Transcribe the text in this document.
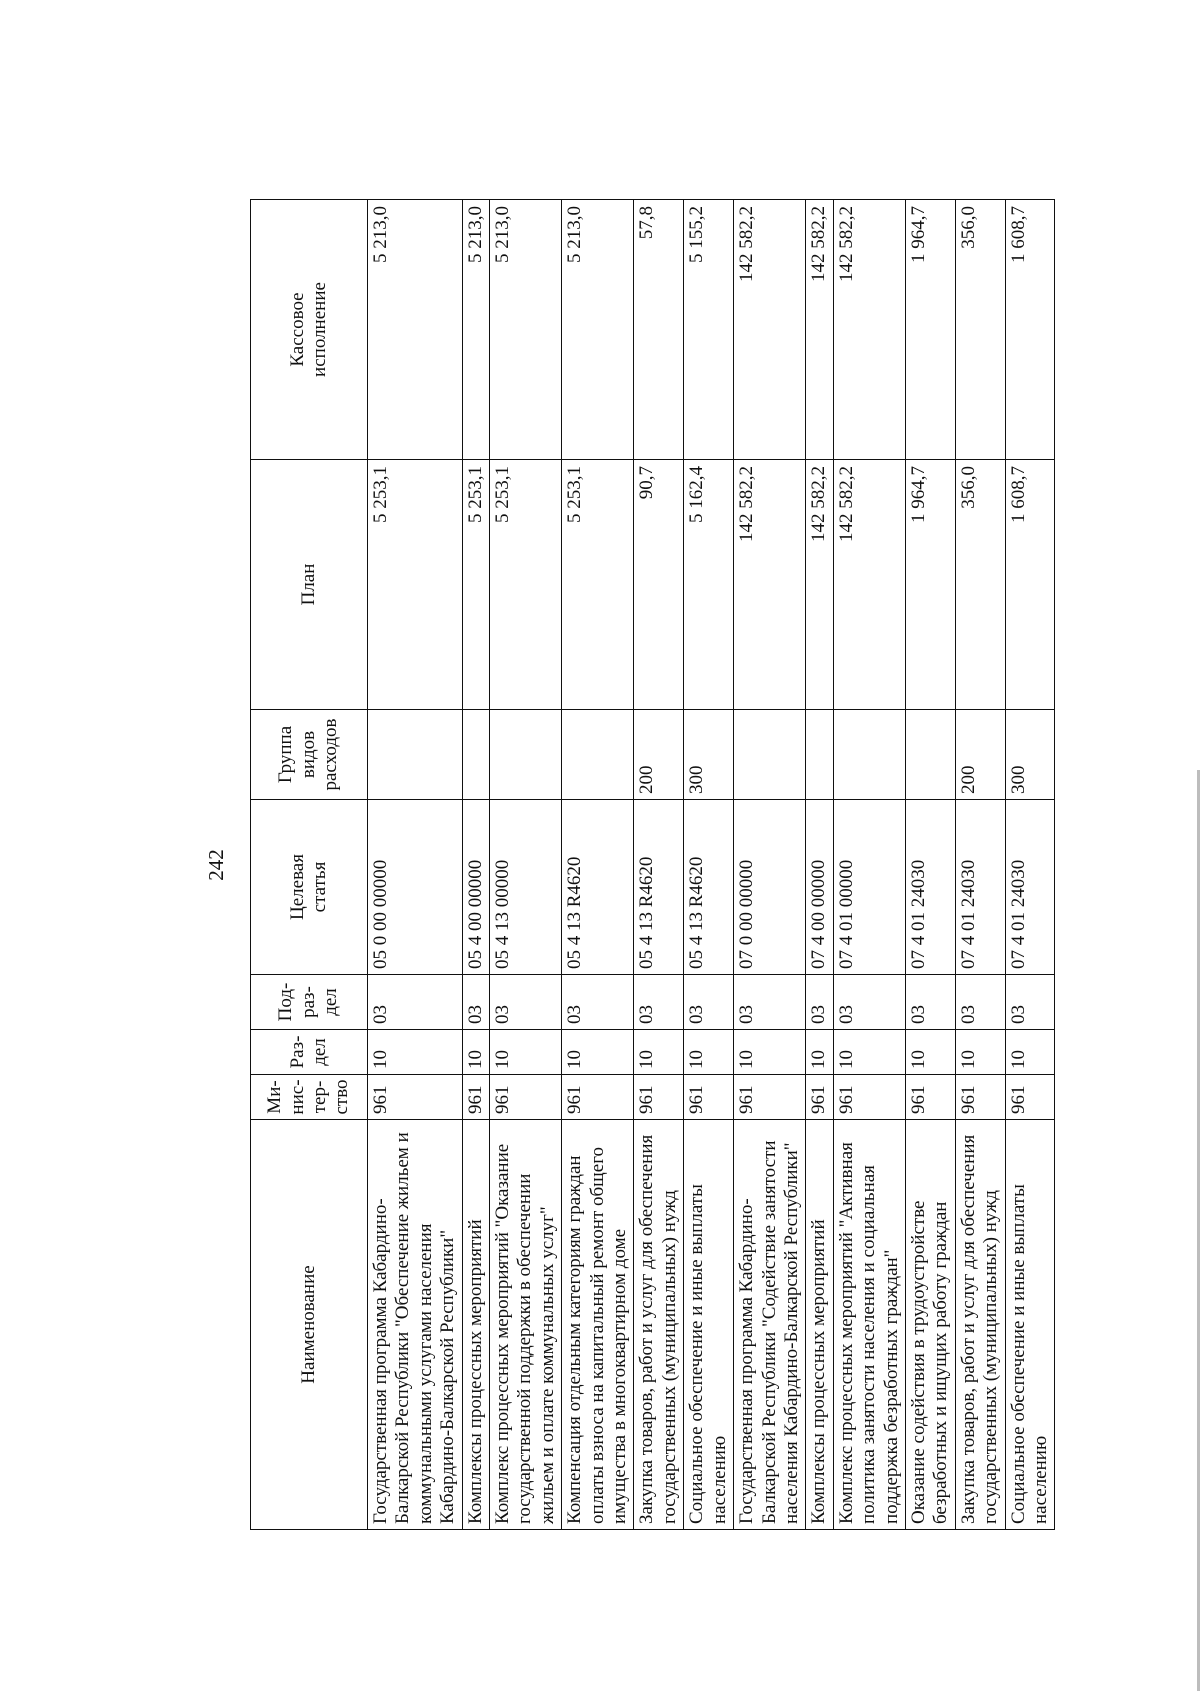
242
Наименование	Ми-
нис-
тер-
ство	Раз-
дел	Под-
раз-
дел	Целевая
статья	Группа
видов
расходов	План	Кассовое
исполнение
Государственная программа Кабардино-Балкарской Республики "Обеспечение жильем и коммунальными услугами населения Кабардино-Балкарской Республики"	961	10	03	05 0 00 00000		5 253,1	5 213,0
Комплексы процессных мероприятий	961	10	03	05 4 00 00000		5 253,1	5 213,0
Комплекс процессных мероприятий "Оказание государственной поддержки в обеспечении жильем и оплате коммунальных услуг"	961	10	03	05 4 13 00000		5 253,1	5 213,0
Компенсация отдельным категориям граждан оплаты взноса на капитальный ремонт общего имущества в многоквартирном доме	961	10	03	05 4 13 R4620		5 253,1	5 213,0
Закупка товаров, работ и услуг для обеспечения государственных (муниципальных) нужд	961	10	03	05 4 13 R4620	200	90,7	57,8
Социальное обеспечение и иные выплаты населению	961	10	03	05 4 13 R4620	300	5 162,4	5 155,2
Государственная программа Кабардино-Балкарской Республики "Содействие занятости населения Кабардино-Балкарской Республики"	961	10	03	07 0 00 00000		142 582,2	142 582,2
Комплексы процессных мероприятий	961	10	03	07 4 00 00000		142 582,2	142 582,2
Комплекс процессных мероприятий "Активная политика занятости населения и социальная поддержка безработных граждан"	961	10	03	07 4 01 00000		142 582,2	142 582,2
Оказание содействия в трудоустройстве безработных и ищущих работу граждан	961	10	03	07 4 01 24030		1 964,7	1 964,7
Закупка товаров, работ и услуг для обеспечения государственных (муниципальных) нужд	961	10	03	07 4 01 24030	200	356,0	356,0
Социальное обеспечение и иные выплаты населению	961	10	03	07 4 01 24030	300	1 608,7	1 608,7
